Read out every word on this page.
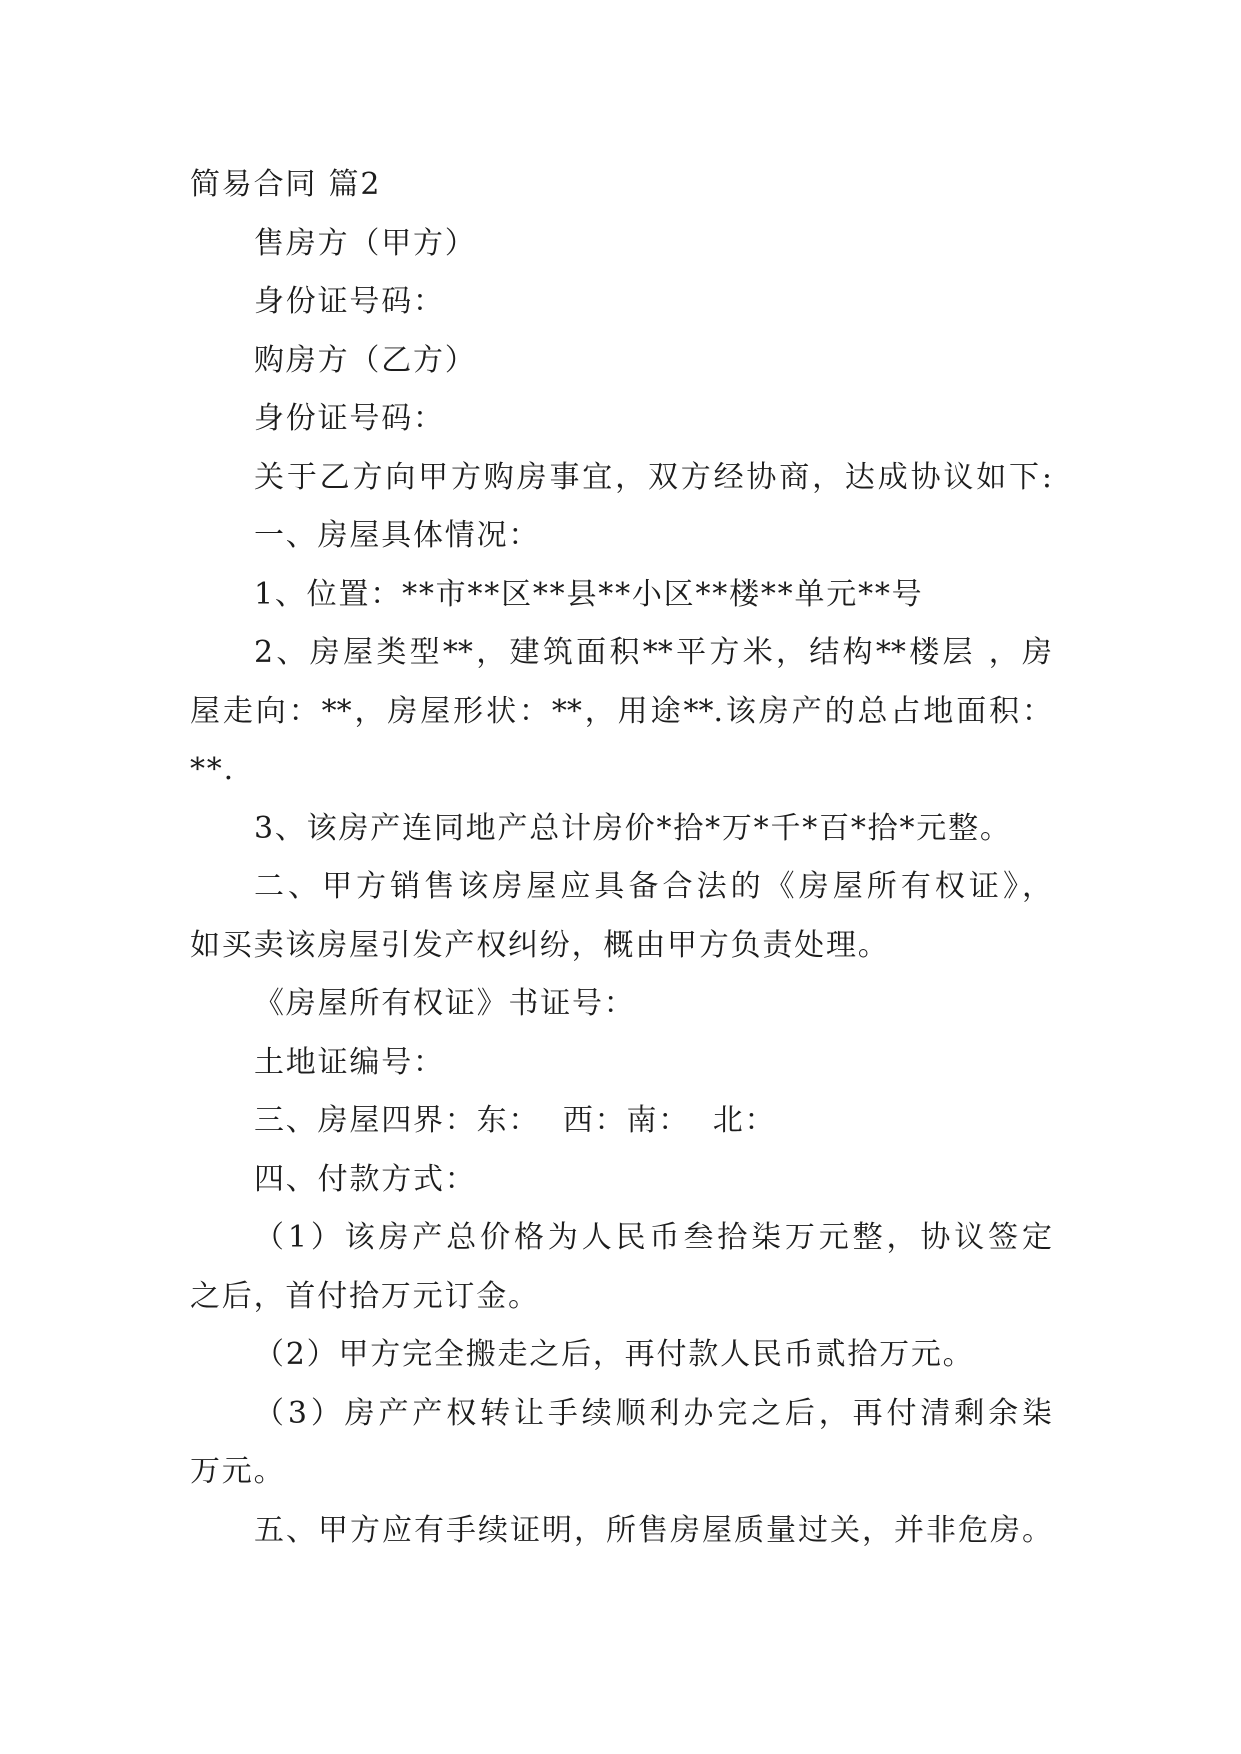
简易合同 篇2
售房方（甲方）
身份证号码：
购房方（乙方）
身份证号码：
关于乙方向甲方购房事宜，双方经协商，达成协议如下:
一、房屋具体情况：
1、位置：**市**区**县**小区**楼**单元**号
2、房屋类型**，建筑面积**平方米，结构**楼层 ，房
屋走向：**，房屋形状：**，用途**.该房产的总占地面积：
**.
3、该房产连同地产总计房价*拾*万*千*百*拾*元整。
二、甲方销售该房屋应具备合法的《房屋所有权证》，
如买卖该房屋引发产权纠纷，概由甲方负责处理。
《房屋所有权证》书证号：
土地证编号：
三、房屋四界：东：  西：南：  北：
四、付款方式：
（1）该房产总价格为人民币叁拾柒万元整，协议签定
之后，首付拾万元订金。
（2）甲方完全搬走之后，再付款人民币贰拾万元。
（3）房产产权转让手续顺利办完之后，再付清剩余柒
万元。
五、甲方应有手续证明，所售房屋质量过关，并非危房。
